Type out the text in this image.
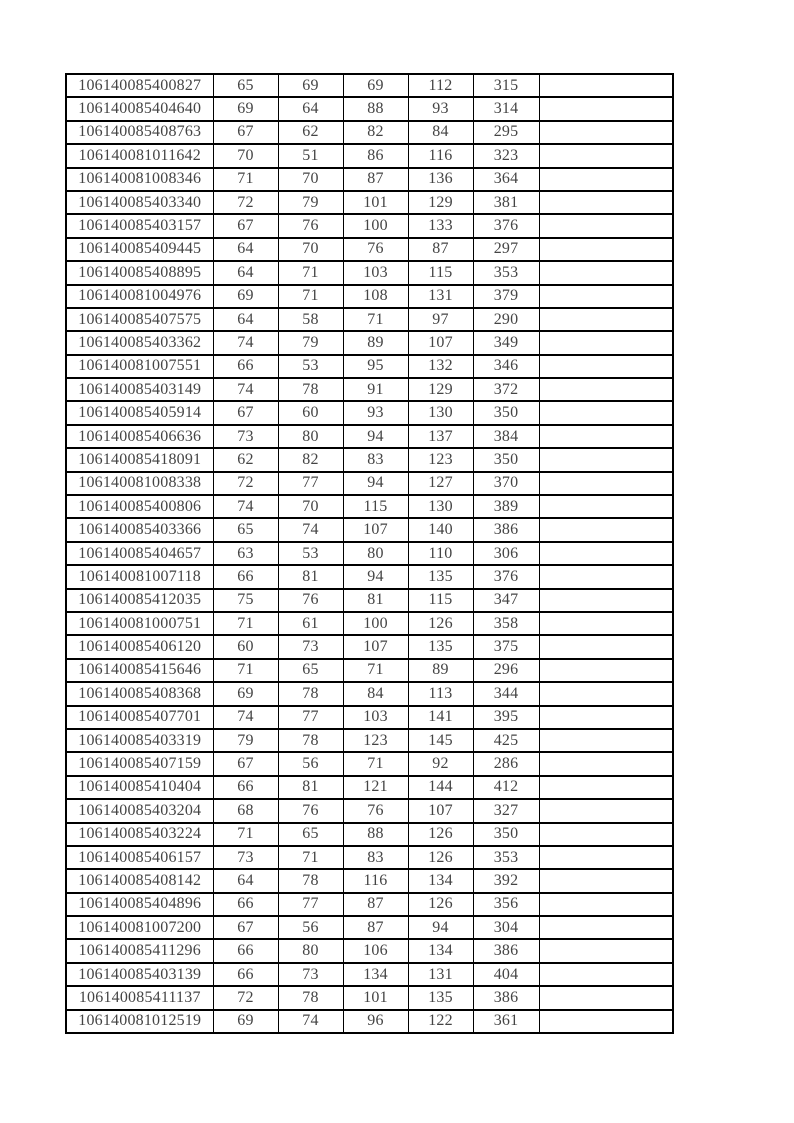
106140085400827	65	69	69	112	315	
106140085404640	69	64	88	93	314	
106140085408763	67	62	82	84	295	
106140081011642	70	51	86	116	323	
106140081008346	71	70	87	136	364	
106140085403340	72	79	101	129	381	
106140085403157	67	76	100	133	376	
106140085409445	64	70	76	87	297	
106140085408895	64	71	103	115	353	
106140081004976	69	71	108	131	379	
106140085407575	64	58	71	97	290	
106140085403362	74	79	89	107	349	
106140081007551	66	53	95	132	346	
106140085403149	74	78	91	129	372	
106140085405914	67	60	93	130	350	
106140085406636	73	80	94	137	384	
106140085418091	62	82	83	123	350	
106140081008338	72	77	94	127	370	
106140085400806	74	70	115	130	389	
106140085403366	65	74	107	140	386	
106140085404657	63	53	80	110	306	
106140081007118	66	81	94	135	376	
106140085412035	75	76	81	115	347	
106140081000751	71	61	100	126	358	
106140085406120	60	73	107	135	375	
106140085415646	71	65	71	89	296	
106140085408368	69	78	84	113	344	
106140085407701	74	77	103	141	395	
106140085403319	79	78	123	145	425	
106140085407159	67	56	71	92	286	
106140085410404	66	81	121	144	412	
106140085403204	68	76	76	107	327	
106140085403224	71	65	88	126	350	
106140085406157	73	71	83	126	353	
106140085408142	64	78	116	134	392	
106140085404896	66	77	87	126	356	
106140081007200	67	56	87	94	304	
106140085411296	66	80	106	134	386	
106140085403139	66	73	134	131	404	
106140085411137	72	78	101	135	386	
106140081012519	69	74	96	122	361	
